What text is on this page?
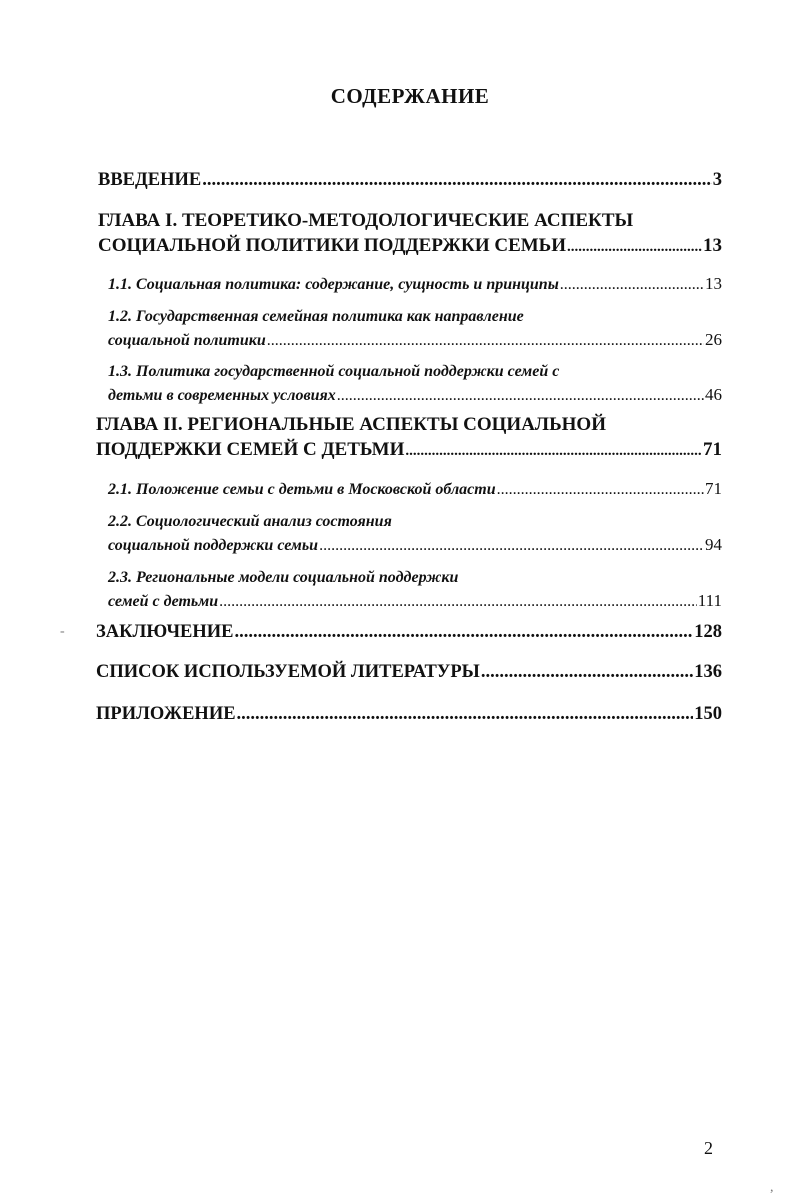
СОДЕРЖАНИЕ
ВВЕДЕНИЕ .....	3
ГЛАВА I. ТЕОРЕТИКО-МЕТОДОЛОГИЧЕСКИЕ АСПЕКТЫ
СОЦИАЛЬНОЙ ПОЛИТИКИ ПОДДЕРЖКИ СЕМЬИ .....	13
1.1. Социальная политика: содержание, сущность и принципы .....	13
1.2. Государственная семейная политика как направление
социальной политики .....	26
1.3. Политика государственной социальной поддержки семей с
детьми в современных условиях .....	46
ГЛАВА II. РЕГИОНАЛЬНЫЕ АСПЕКТЫ СОЦИАЛЬНОЙ
ПОДДЕРЖКИ СЕМЕЙ С ДЕТЬМИ .....	71
2.1. Положение семьи с детьми в Московской области .....	71
2.2. Социологический анализ состояния
социальной поддержки семьи .....	94
2.3. Региональные модели социальной поддержки
семей с детьми .....	111
ЗАКЛЮЧЕНИЕ .....	128
СПИСОК ИСПОЛЬЗУЕМОЙ ЛИТЕРАТУРЫ .....	136
ПРИЛОЖЕНИЕ .....	150
-
,
2
